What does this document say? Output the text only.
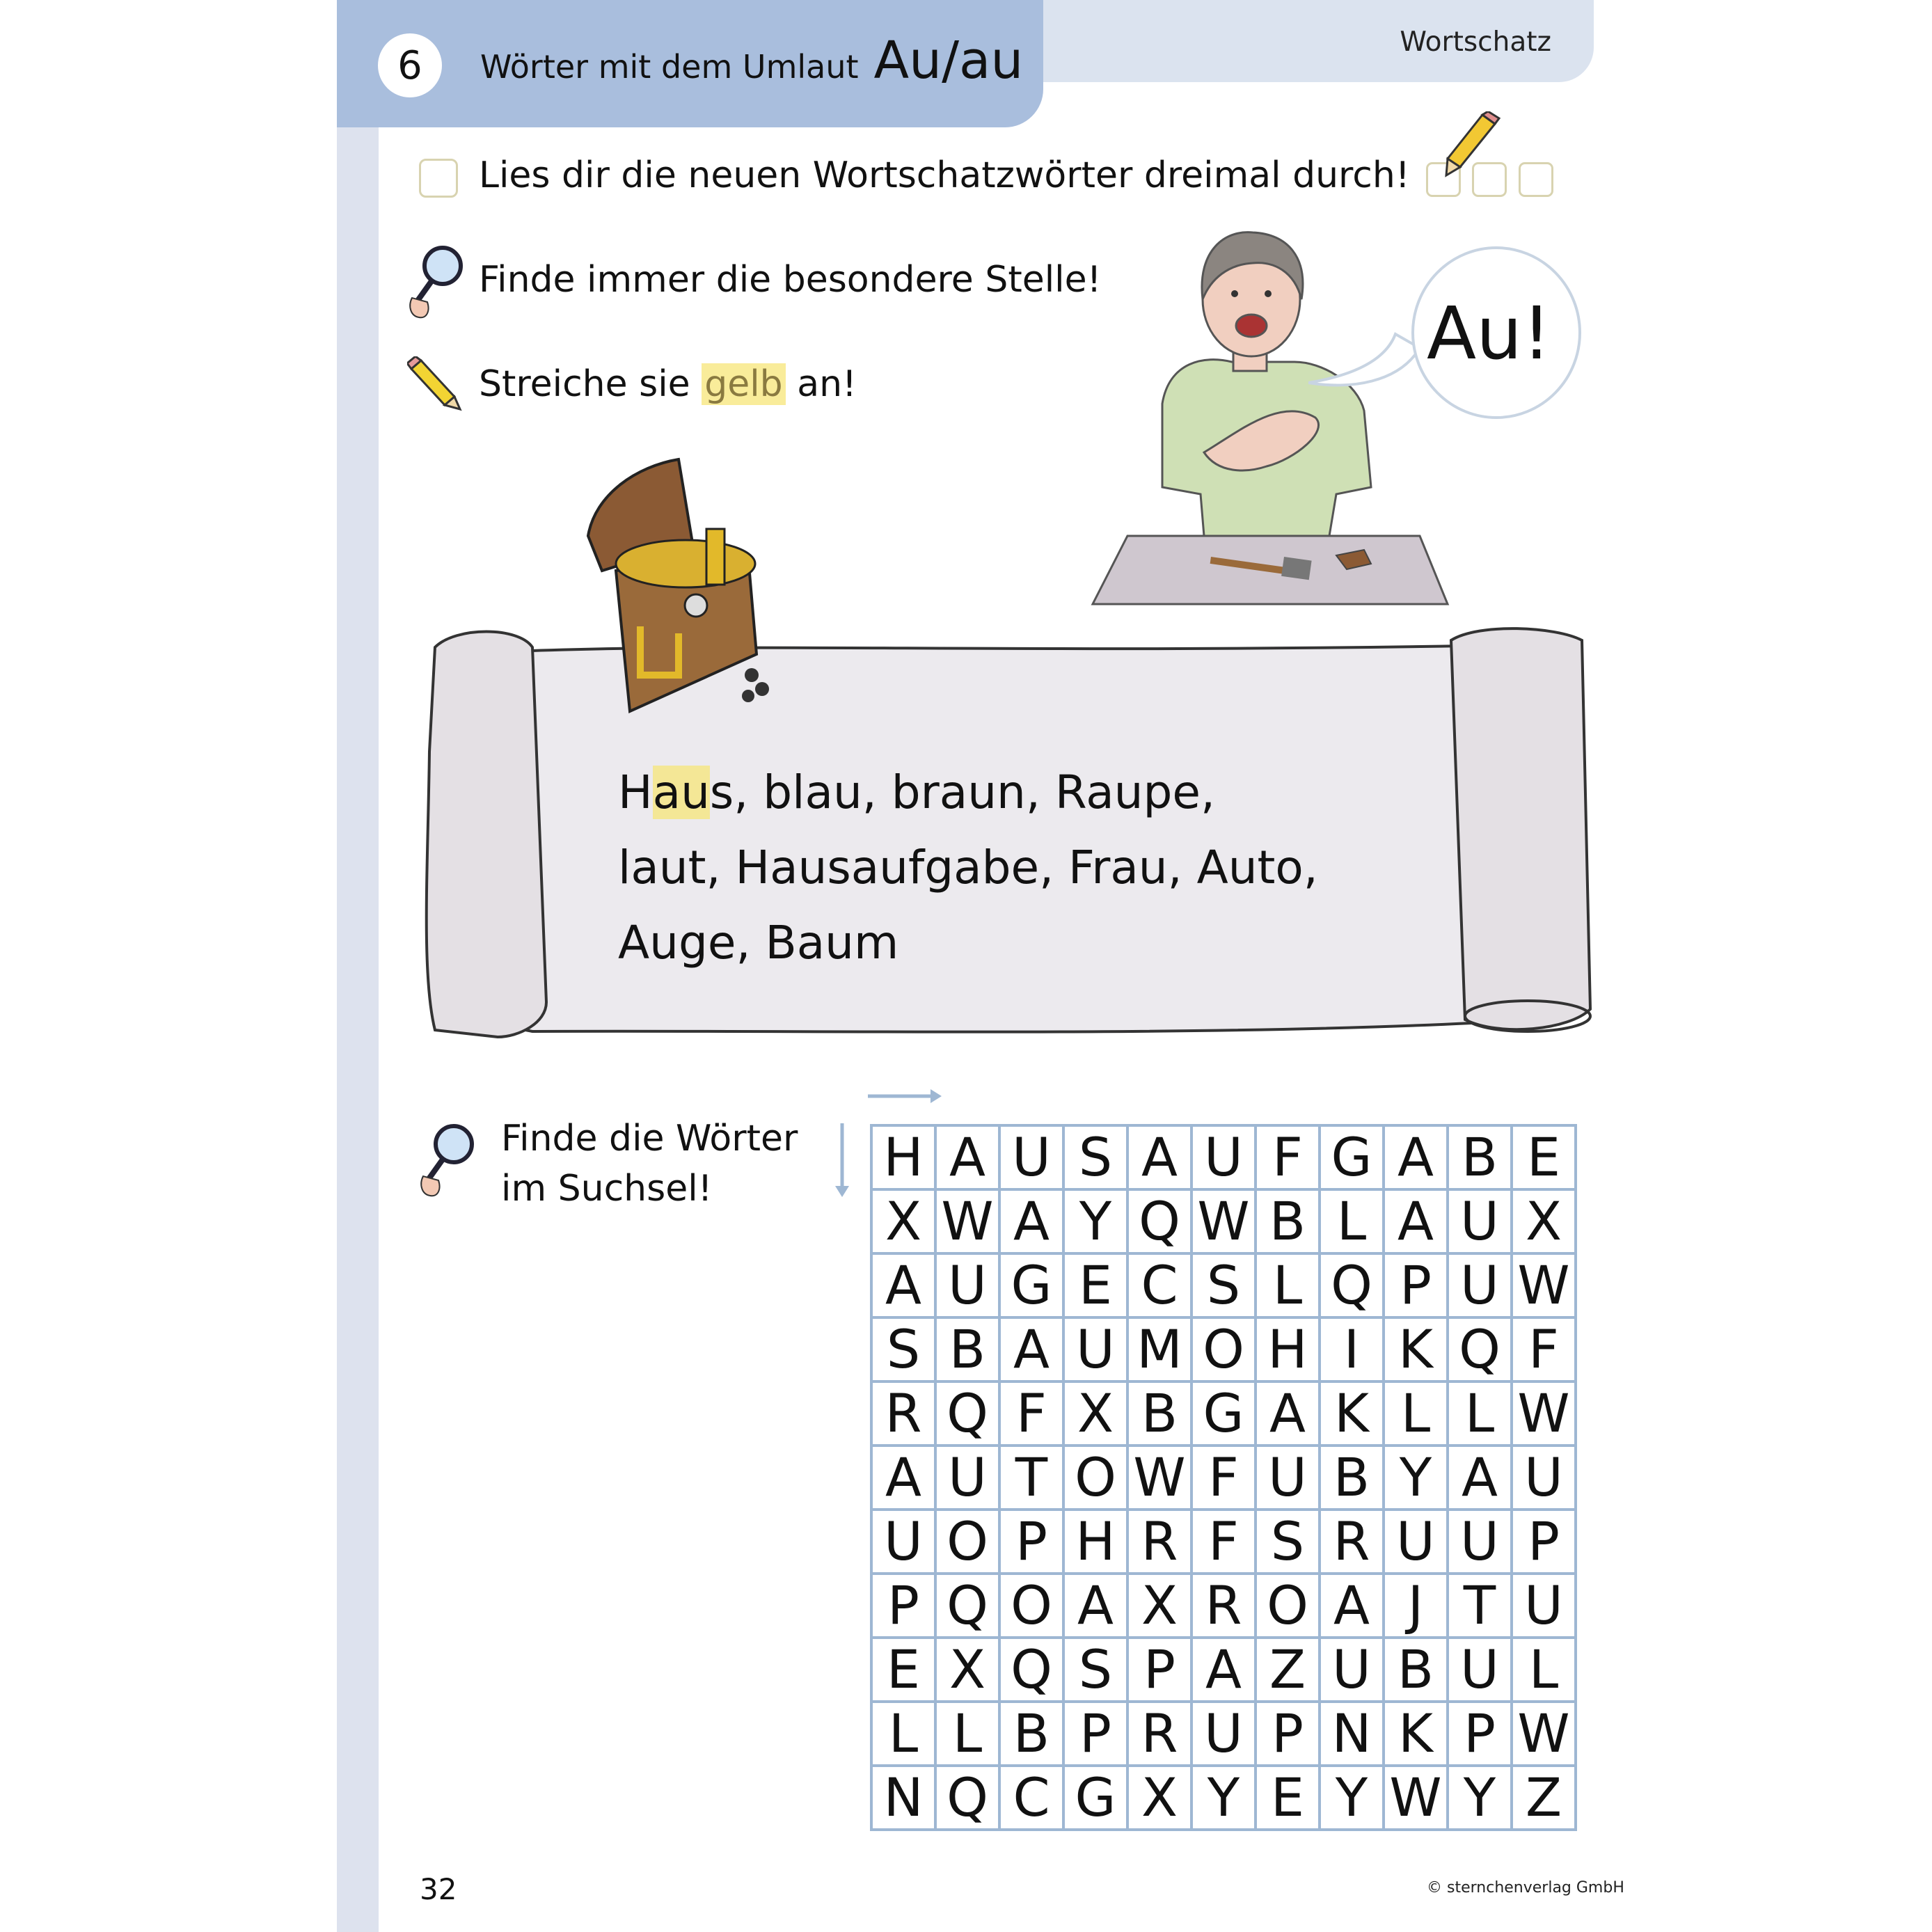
6	Wörter mit dem Umlaut Au/au	Wortschatz
Lies dir die neuen Wortschatzwörter dreimal durch!
Finde immer die besondere Stelle!
Streiche sie gelb an!
Au!
Haus, blau, braun, Raupe,
laut, Hausaufgabe, Frau, Auto,
Auge, Baum
Finde die Wörter
im Suchsel!
H	A	U	S	A	U	F	G	A	B	E
X	W	A	Y	Q	W	B	L	A	U	X
A	U	G	E	C	S	L	Q	P	U	W
S	B	A	U	M	O	H	I	K	Q	F
R	Q	F	X	B	G	A	K	L	L	W
A	U	T	O	W	F	U	B	Y	A	U
U	O	P	H	R	F	S	R	U	U	P
P	Q	O	A	X	R	O	A	J	T	U
E	X	Q	S	P	A	Z	U	B	U	L
L	L	B	P	R	U	P	N	K	P	W
N	Q	C	G	X	Y	E	Y	W	Y	Z
32	© sternchenverlag GmbH
